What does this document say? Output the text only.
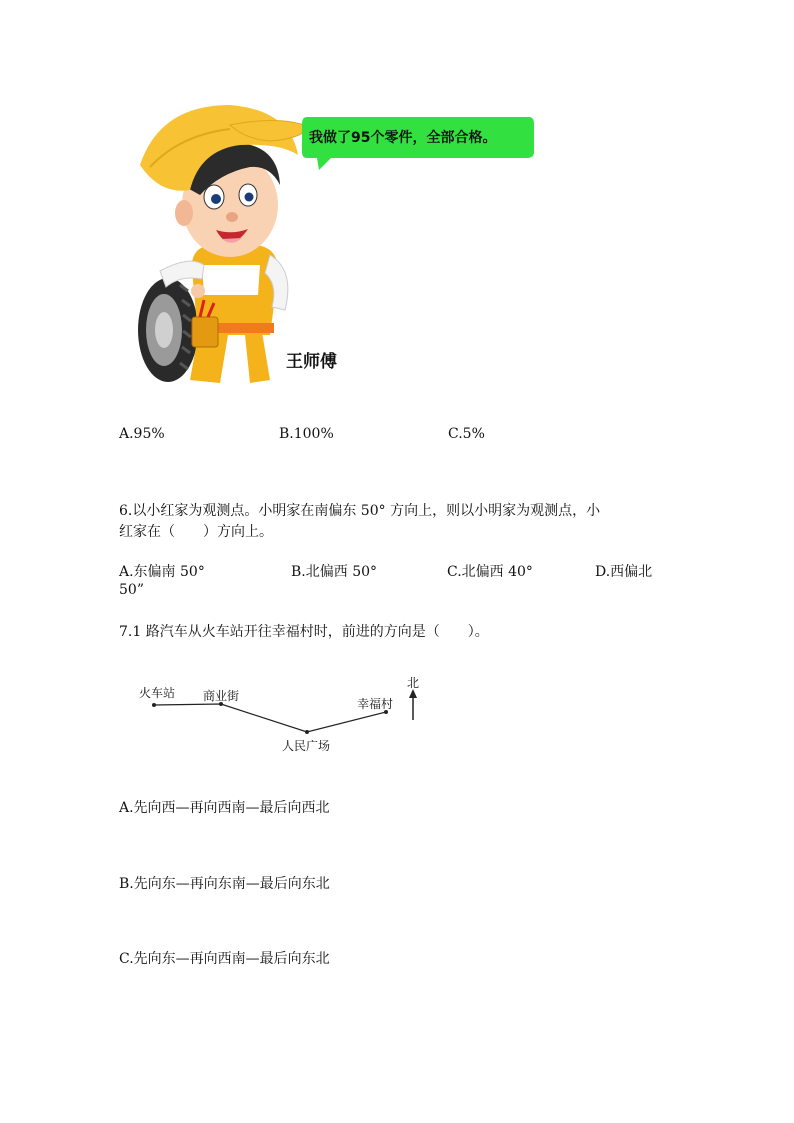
我做了95个零件，全部合格。
王师傅
A.95%	B.100%	C.5%
6.以小红家为观测点。小明家在南偏东 50° 方向上，则以小明家为观测点，小
红家在（　　）方向上。
A.东偏南 50°	B.北偏西 50°	C.北偏西 40°	D.西偏北
50”
7.1 路汽车从火车站开往幸福村时，前进的方向是（　　）。
火车站 商业街
人民广场
幸福村
北
A.先向西—再向西南—最后向西北
B.先向东—再向东南—最后向东北
C.先向东—再向西南—最后向东北
